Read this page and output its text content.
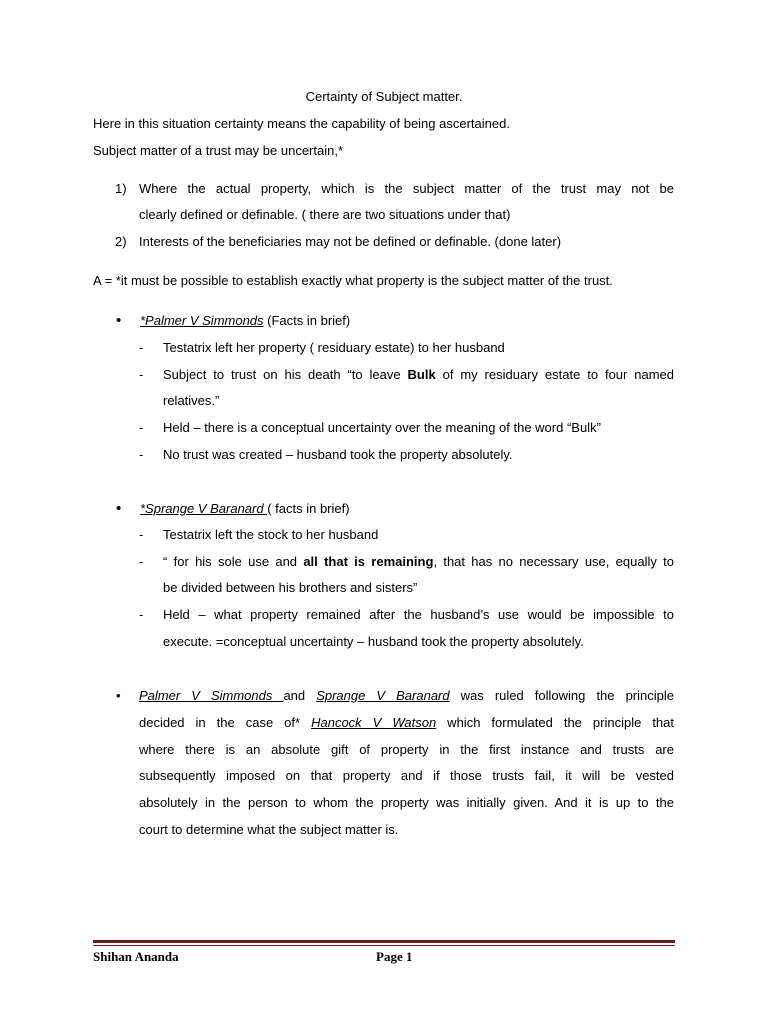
Certainty of Subject matter.
Here in this situation certainty means the capability of being ascertained.
Subject matter of a trust may be uncertain,*
1) Where the actual property, which is the subject matter of the trust may not be
clearly defined or definable. ( there are two situations under that)
2) Interests of the beneficiaries may not be defined or definable. (done later)
A = *it must be possible to establish exactly what property is the subject matter of the trust.
• *Palmer V Simmonds (Facts in brief)
- Testatrix left her property ( residuary estate) to her husband
- Subject to trust on his death “to leave Bulk of my residuary estate to four named
relatives.”
- Held – there is a conceptual uncertainty over the meaning of the word “Bulk”
- No trust was created – husband took the property absolutely.
• *Sprange V Baranard ( facts in brief)
- Testatrix left the stock to her husband
- “ for his sole use and all that is remaining, that has no necessary use, equally to
be divided between his brothers and sisters”
- Held – what property remained after the husband’s use would be impossible to
execute. =conceptual uncertainty – husband took the property absolutely.
• Palmer V Simmonds and Sprange V Baranard was ruled following the principle
decided in the case of* Hancock V Watson which formulated the principle that
where there is an absolute gift of property in the first instance and trusts are
subsequently imposed on that property and if those trusts fail, it will be vested
absolutely in the person to whom the property was initially given. And it is up to the
court to determine what the subject matter is.
Shihan Ananda	Page 1
